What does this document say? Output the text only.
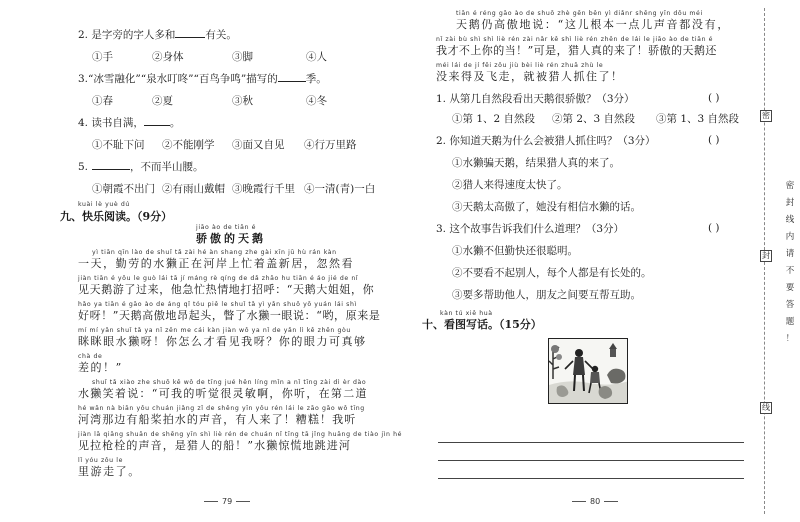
2. 是字旁的字人多和	有关。
①手	②身体	③脚	④人
3.“冰雪融化”“泉水叮咚”“百鸟争鸣”描写的	季。
①春	②夏	③秋	④冬
4. 读书自满， 。
①不耻下问 ②不能刚学 ③面又自见 ④行万里路
5.	，不而半山腰。
①朝霞不出门 ②有雨山戴帽 ③晚霞行千里 ④一清(青)一白
kuài lè yuè dú
九、快乐阅读。（9分）
jiāo ào de tiān é
骄傲的天鹅
yì tiān qīn lào de shuǐ tǎ zài hé àn shang zhe gài xīn jū hù rán kàn
一天，勤劳的水獭正在河岸上忙着盖新居，忽然看
jiàn tiān é yōu le guò lái tā jí máng rè qíng de dǎ zhāo hu tiān é áo jié de nǐ
见天鹅游了过来，他急忙热情地打招呼：“天鹅大姐姐，你
hǎo ya tiān é gāo ào de áng qǐ tóu piě le shuǐ tǎ yì yǎn shuō yō yuán lái shì
好呀！”天鹅高傲地昂起头，瞥了水獭一眼说：“哟，原来是
mí mí yǎn shuǐ tǎ ya nǐ zěn me cái kàn jiàn wǒ ya nǐ de yǎn lì kě zhēn gòu
眯眯眼水獭呀！你怎么才看见我呀？你的眼力可真够
chà de
差的！”
shuǐ tǎ xiào zhe shuō kě wǒ de tīng jué hěn líng mǐn a nǐ tīng zài dì èr dào
水獭笑着说：“可我的听觉很灵敏啊，你听，在第二道
hé wān nà biān yǒu chuán jiǎng zǐ de shēng yīn yǒu rén lái le zāo gāo wǒ tīng
河湾那边有船桨拍水的声音，有人来了！糟糕！我听
jiàn lā qiāng shuān de shēng yīn shì liè rén de chuán nǐ tīng tā jǐng huāng de tiào jìn hé
见拉枪栓的声音，是猎人的船！”水獭惊慌地跳进河
lǐ yóu zǒu le
里游走了。
79
tiān é réng gāo ào de shuō zhè gēn běn yì diǎnr shēng yīn dōu méi
天鹅仍高傲地说：“这儿根本一点儿声音都没有，
nǐ zài bù shì shì liè rén zài nǎr kě shì liè rén zhēn de lái le jiāo ào de tiān é
我才不上你的当！”可是，猎人真的来了！骄傲的天鹅还
méi lái de jí fēi zǒu jiù bèi liè rén zhuā zhù le
没来得及飞走，就被猎人抓住了！
1. 从第几自然段看出天鹅很骄傲？（3分）	( )
①第 1、2 自然段 ②第 2、3 自然段 ③第 1、3 自然段
2. 你知道天鹅为什么会被猎人抓住吗？（3分）	( )
①水獭骗天鹅，结果猎人真的来了。
②猎人来得速度太快了。
③天鹅太高傲了，她没有相信水獭的话。
3. 这个故事告诉我们什么道理？（3分）	( )
①水獭不但勤快还很聪明。
②不要看不起别人，每个人都是有长处的。
③要多帮助他人，朋友之间要互帮互助。
kàn tú xiě huà
十、看图写话。（15分）
80
密
封
线
密
封
线
内
请
不
要
答
题
！
